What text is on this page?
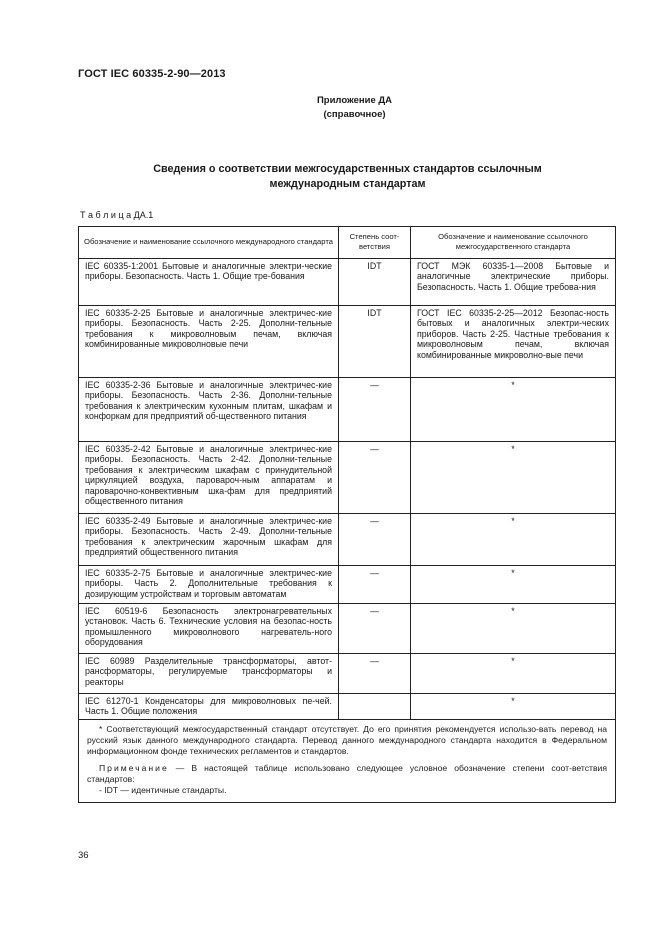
ГОСТ IEC 60335-2-90—2013
Приложение ДА
(справочное)
Сведения о соответствии межгосударственных стандартов ссылочным
международным стандартам
Т а б л и ц а ДА.1
Обозначение и наименование ссылочного международного стандарта	Степень соот-ветствия	Обозначение и наименование ссылочного межгосударственного стандарта
IEC 60335-1:2001 Бытовые и аналогичные электри-ческие приборы. Безопасность. Часть 1. Общие тре-бования	IDT	ГОСТ МЭК 60335-1—2008 Бытовые и аналогичные электрические приборы. Безопасность. Часть 1. Общие требова-ния
IEC 60335-2-25 Бытовые и аналогичные электричес-кие приборы. Безопасность. Часть 2-25. Дополни-тельные требования к микроволновым печам, включая комбинированные микроволновые печи	IDT	ГОСТ IEC 60335-2-25—2012 Безопас-ность бытовых и аналогичных электри-ческих приборов. Часть 2-25. Частные требования к микроволновым печам, включая комбинированные микроволно-вые печи
IEC 60335-2-36 Бытовые и аналогичные электричес-кие приборы. Безопасность. Часть 2-36. Дополни-тельные требования к электрическим кухонным плитам, шкафам и конфоркам для предприятий об-щественного питания	—	*
IEC 60335-2-42 Бытовые и аналогичные электричес-кие приборы. Безопасность. Часть 2-42. Дополни-тельные требования к электрическим шкафам с принудительной циркуляцией воздуха, паровароч-ным аппаратам и пароварочно-конвективным шка-фам для предприятий общественного питания	—	*
IEC 60335-2-49 Бытовые и аналогичные электричес-кие приборы. Безопасность. Часть 2-49. Дополни-тельные требования к электрическим жарочным шкафам для предприятий общественного питания	—	*
IEC 60335-2-75 Бытовые и аналогичные электричес-кие приборы. Часть 2. Дополнительные требования к дозирующим устройствам и торговым автоматам	—	*
IEC 60519-6 Безопасность электронагревательных установок. Часть 6. Технические условия на безопас-ность промышленного микроволнового нагреватель-ного оборудования	—	*
IEC 60989 Разделительные трансформаторы, автот-рансформаторы, регулируемые трансформаторы и реакторы	—	*
IEC 61270-1 Конденсаторы для микроволновых пе-чей. Часть 1. Общие положения		*

* Соответствующий межгосударственный стандарт отсутствует. До его принятия рекомендуется использо-вать перевод на русский язык данного международного стандарта. Перевод данного международного стандарта находится в Федеральном информационном фонде технических регламентов и стандартов.

Примечание — В настоящей таблице использовано следующее условное обозначение степени соот-ветствия стандартов:

- IDT — идентичные стандарты.		

36
